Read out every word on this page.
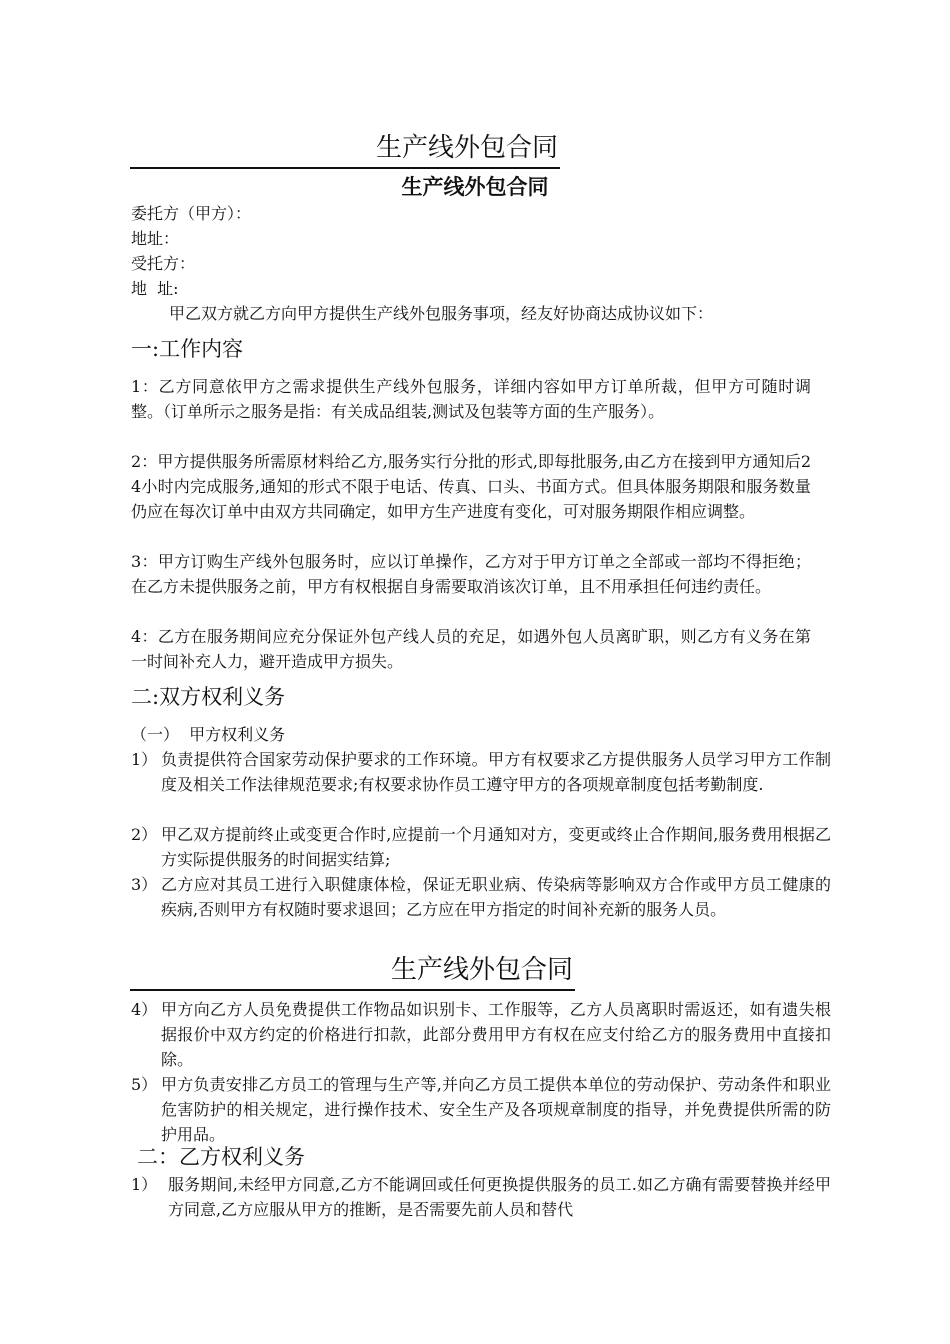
生产线外包合同
生产线外包合同
委托方（甲方）：
地址：
受托方：
地  址:
甲乙双方就乙方向甲方提供生产线外包服务事项，经友好协商达成协议如下：
一:工作内容
1：乙方同意依甲方之需求提供生产线外包服务，详细内容如甲方订单所裁，但甲方可随时调整。（订单所示之服务是指：有关成品组装,测试及包装等方面的生产服务）。
2：甲方提供服务所需原材料给乙方,服务实行分批的形式,即每批服务,由乙方在接到甲方通知后24小时内完成服务,通知的形式不限于电话、传真、口头、书面方式。但具体服务期限和服务数量仍应在每次订单中由双方共同确定，如甲方生产进度有变化，可对服务期限作相应调整。
3：甲方订购生产线外包服务时，应以订单操作，乙方对于甲方订单之全部或一部均不得拒绝；在乙方未提供服务之前，甲方有权根据自身需要取消该次订单，且不用承担任何违约责任。
4：乙方在服务期间应充分保证外包产线人员的充足，如遇外包人员离旷职，则乙方有义务在第一时间补充人力，避开造成甲方损失。
二:双方权利义务
（一）  甲方权利义务
1） 负责提供符合国家劳动保护要求的工作环境。甲方有权要求乙方提供服务人员学习甲方工作制度及相关工作法律规范要求;有权要求协作员工遵守甲方的各项规章制度包括考勤制度.
2） 甲乙双方提前终止或变更合作时,应提前一个月通知对方，变更或终止合作期间,服务费用根据乙方实际提供服务的时间据实结算;
3） 乙方应对其员工进行入职健康体检，保证无职业病、传染病等影响双方合作或甲方员工健康的疾病,否则甲方有权随时要求退回；乙方应在甲方指定的时间补充新的服务人员。
生产线外包合同
4） 甲方向乙方人员免费提供工作物品如识别卡、工作服等，乙方人员离职时需返还，如有遗失根据报价中双方约定的价格进行扣款，此部分费用甲方有权在应支付给乙方的服务费用中直接扣除。
5） 甲方负责安排乙方员工的管理与生产等,并向乙方员工提供本单位的劳动保护、劳动条件和职业危害防护的相关规定，进行操作技术、安全生产及各项规章制度的指导，并免费提供所需的防护用品。
二：乙方权利义务
1） 服务期间,未经甲方同意,乙方不能调回或任何更换提供服务的员工.如乙方确有需要替换并经甲方同意,乙方应服从甲方的推断，是否需要先前人员和替代
